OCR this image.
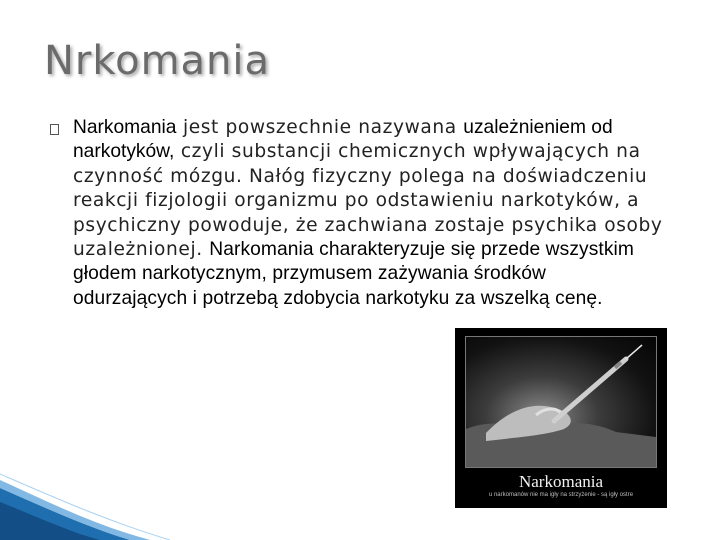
Nrkomania
Narkomania jest powszechnie nazywana uzależnieniem od narkotyków, czyli substancji chemicznych wpływających na czynność mózgu. Nałóg fizyczny polega na doświadczeniu reakcji fizjologii organizmu po odstawieniu narkotyków, a psychiczny powoduje, że zachwiana zostaje psychika osoby uzależnionej. Narkomania charakteryzuje się przede wszystkim głodem narkotycznym, przymusem zażywania środków odurzających i potrzebą zdobycia narkotyku za wszelką cenę.
Narkomania
u narkomanów nie ma igły na strzyżenie - są igły ostre
